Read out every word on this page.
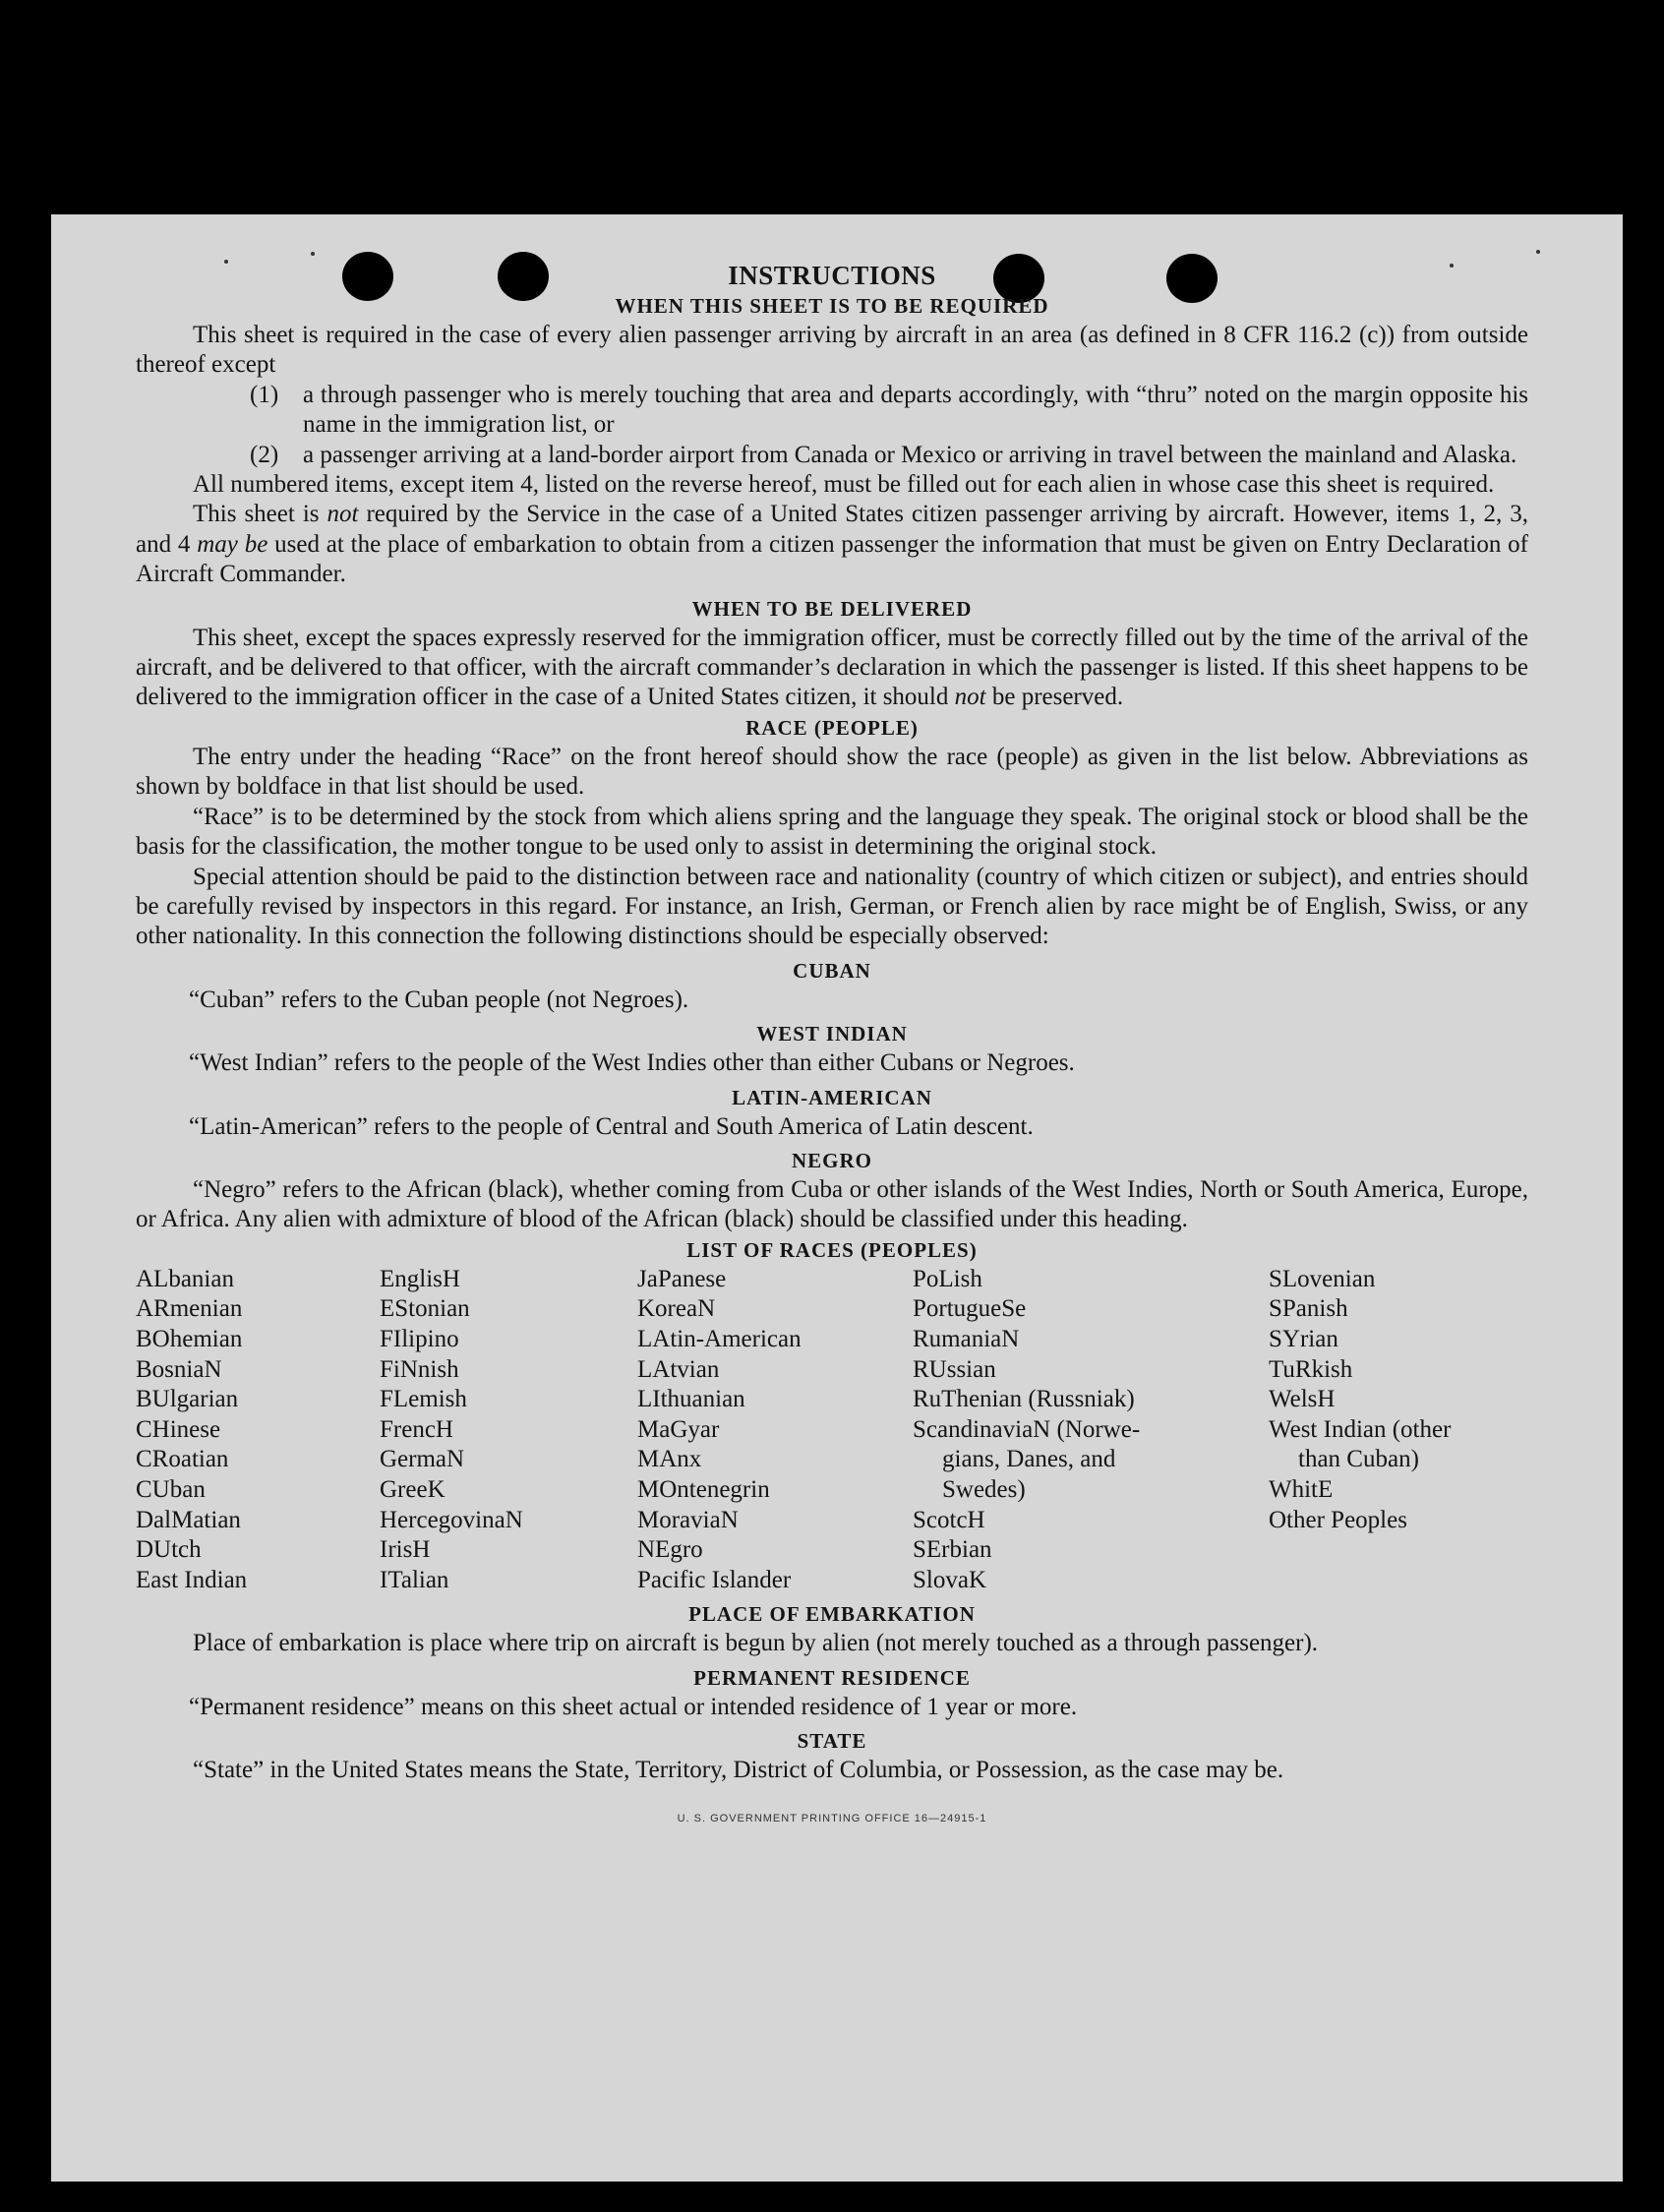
INSTRUCTIONS
WHEN THIS SHEET IS TO BE REQUIRED

This sheet is required in the case of every alien passenger arriving by aircraft in an area (as defined in 8 CFR 116.2 (c)) from outside thereof except

(1) a through passenger who is merely touching that area and departs accordingly, with “thru” noted on the margin opposite his name in the immigration list, or
(2) a passenger arriving at a land-border airport from Canada or Mexico or arriving in travel between the mainland and Alaska.

All numbered items, except item 4, listed on the reverse hereof, must be filled out for each alien in whose case this sheet is required.

This sheet is not required by the Service in the case of a United States citizen passenger arriving by aircraft. However, items 1, 2, 3, and 4 may be used at the place of embarkation to obtain from a citizen passenger the information that must be given on Entry Declaration of Aircraft Commander.

WHEN TO BE DELIVERED

This sheet, except the spaces expressly reserved for the immigration officer, must be correctly filled out by the time of the arrival of the aircraft, and be delivered to that officer, with the aircraft commander’s declaration in which the passenger is listed. If this sheet happens to be delivered to the immigration officer in the case of a United States citizen, it should not be preserved.

RACE (PEOPLE)

The entry under the heading “Race” on the front hereof should show the race (people) as given in the list below. Abbreviations as shown by boldface in that list should be used.

“Race” is to be determined by the stock from which aliens spring and the language they speak. The original stock or blood shall be the basis for the classification, the mother tongue to be used only to assist in determining the original stock.

Special attention should be paid to the distinction between race and nationality (country of which citizen or subject), and entries should be carefully revised by inspectors in this regard. For instance, an Irish, German, or French alien by race might be of English, Swiss, or any other nationality. In this connection the following distinctions should be especially observed:

CUBAN

“Cuban” refers to the Cuban people (not Negroes).

WEST INDIAN

“West Indian” refers to the people of the West Indies other than either Cubans or Negroes.

LATIN-AMERICAN

“Latin-American” refers to the people of Central and South America of Latin descent.

NEGRO

“Negro” refers to the African (black), whether coming from Cuba or other islands of the West Indies, North or South America, Europe, or Africa. Any alien with admixture of blood of the African (black) should be classified under this heading.

LIST OF RACES (PEOPLES)
ALbanian
ARmenian
BOhemian
BosniaN
BUlgarian
CHinese
CRoatian
CUban
DalMatian
DUtch
East Indian
EnglisH
EStonian
FIlipino
FiNnish
FLemish
FrencH
GermaN
GreeK
HercegovinaN
IrisH
ITalian
JaPanese
KoreaN
LAtin-American
LAtvian
LIthuanian
MaGyar
MAnx
MOntenegrin
MoraviaN
NEgro
Pacific Islander
PoLish
PortugueSe
RumaniaN
RUssian
RuThenian (Russniak)
ScandinaviaN (Norwe-
gians, Danes, and
Swedes)
ScotcH
SErbian
SlovaK
SLovenian
SPanish
SYrian
TuRkish
WelsH
West Indian (other
than Cuban)
WhitE
Other Peoples
PLACE OF EMBARKATION

Place of embarkation is place where trip on aircraft is begun by alien (not merely touched as a through passenger).

PERMANENT RESIDENCE

“Permanent residence” means on this sheet actual or intended residence of 1 year or more.

STATE

“State” in the United States means the State, Territory, District of Columbia, or Possession, as the case may be.

U. S. GOVERNMENT PRINTING OFFICE 16—24915-1
